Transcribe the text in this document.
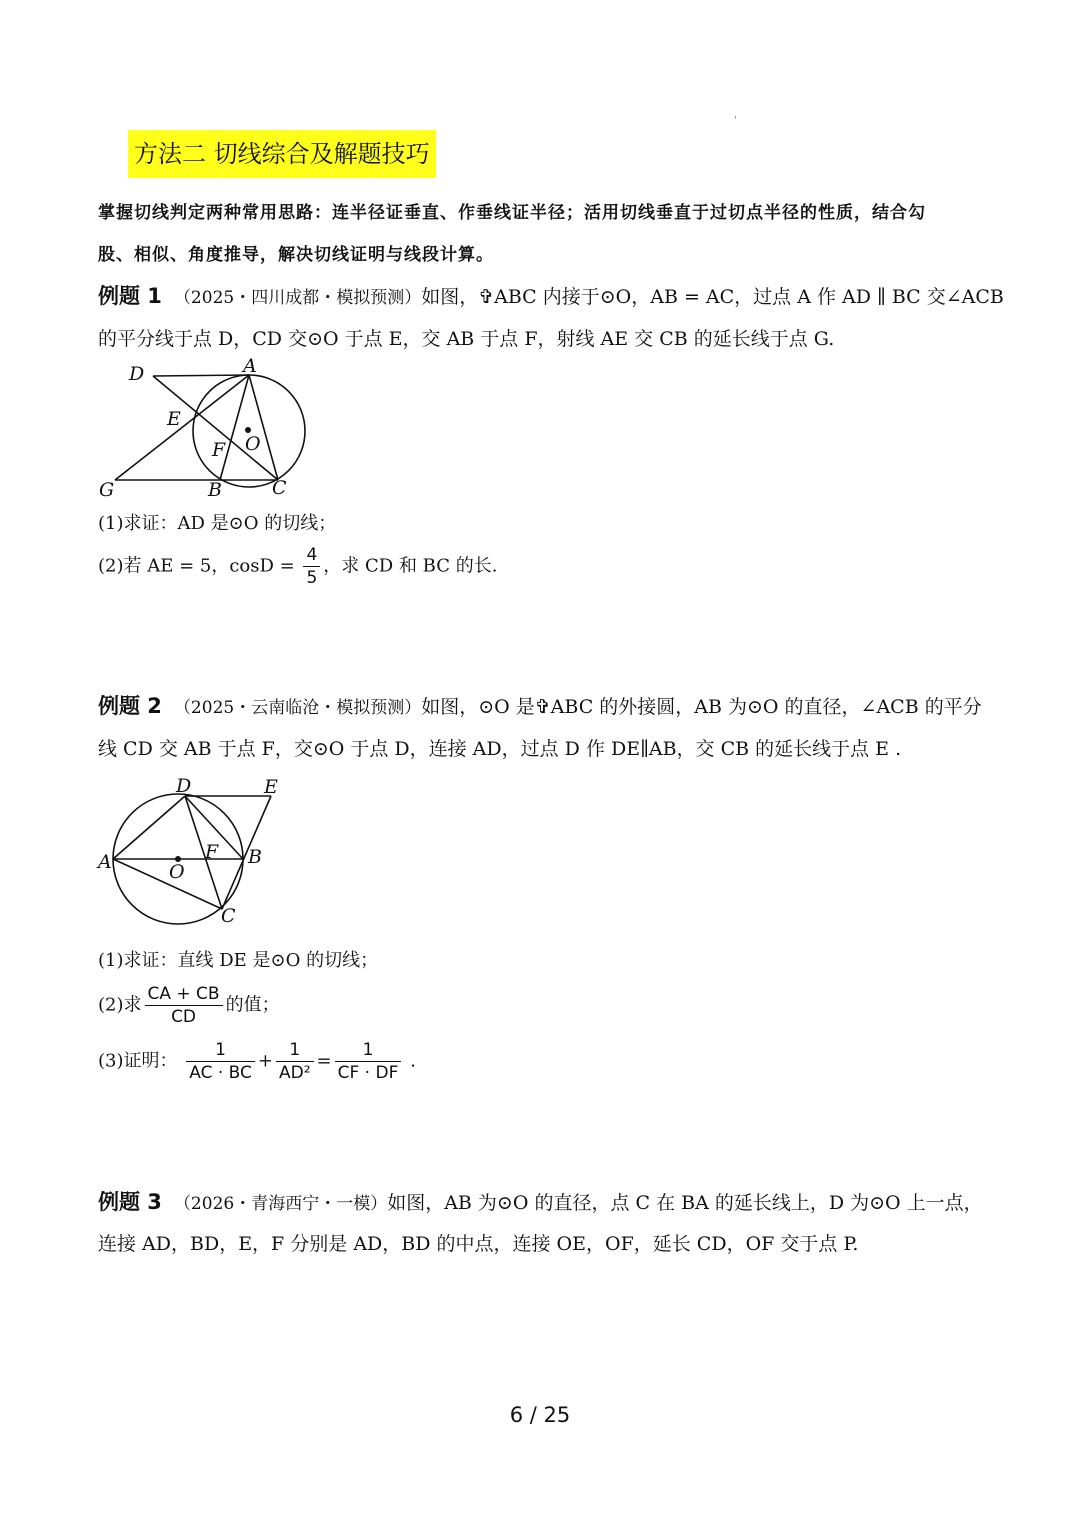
ˈ
方法二 切线综合及解题技巧
掌握切线判定两种常用思路：连半径证垂直、作垂线证半径；活用切线垂直于过切点半径的性质，结合勾
股、相似、角度推导，解决切线证明与线段计算。
例题 1 （2025・四川成都・模拟预测）如图，✞ABC 内接于⊙O，AB = AC，过点 A 作 AD ∥ BC 交∠ACB
的平分线于点 D，CD 交⊙O 于点 E，交 AB 于点 F，射线 AE 交 CB 的延长线于点 G.
D	A
E
O
F
G	B	C
(1)求证：AD 是⊙O 的切线；
(2)若 AE = 5，$\cos D = \frac{4}{5}$ ，求 CD 和 BC 的长.
例题 2 （2025・云南临沧・模拟预测）如图，⊙O 是✞ABC 的外接圆，AB 为⊙O 的直径，∠ACB 的平分
线 CD 交 AB 于点 F，交⊙O 于点 D，连接 AD，过点 D 作 DE∥AB，交 CB 的延长线于点 E .
D	E
A	F B
O
C
(1)求证：直线 DE 是⊙O 的切线；
(2)求 $\frac{CA + CB}{CD}$ 的值；
(3)证明： $\frac{1}{AC \cdot BC} + \frac{1}{\text{AD²}} = \frac{1}{CF \cdot DF}$ .
例题 3 （2026・青海西宁・一模）如图，AB 为⊙O 的直径，点 C 在 BA 的延长线上，D 为⊙O 上一点，
连接 AD，BD，E，F 分别是 AD，BD 的中点，连接 OE，OF，延长 CD，OF 交于点 P.
6 / 25
